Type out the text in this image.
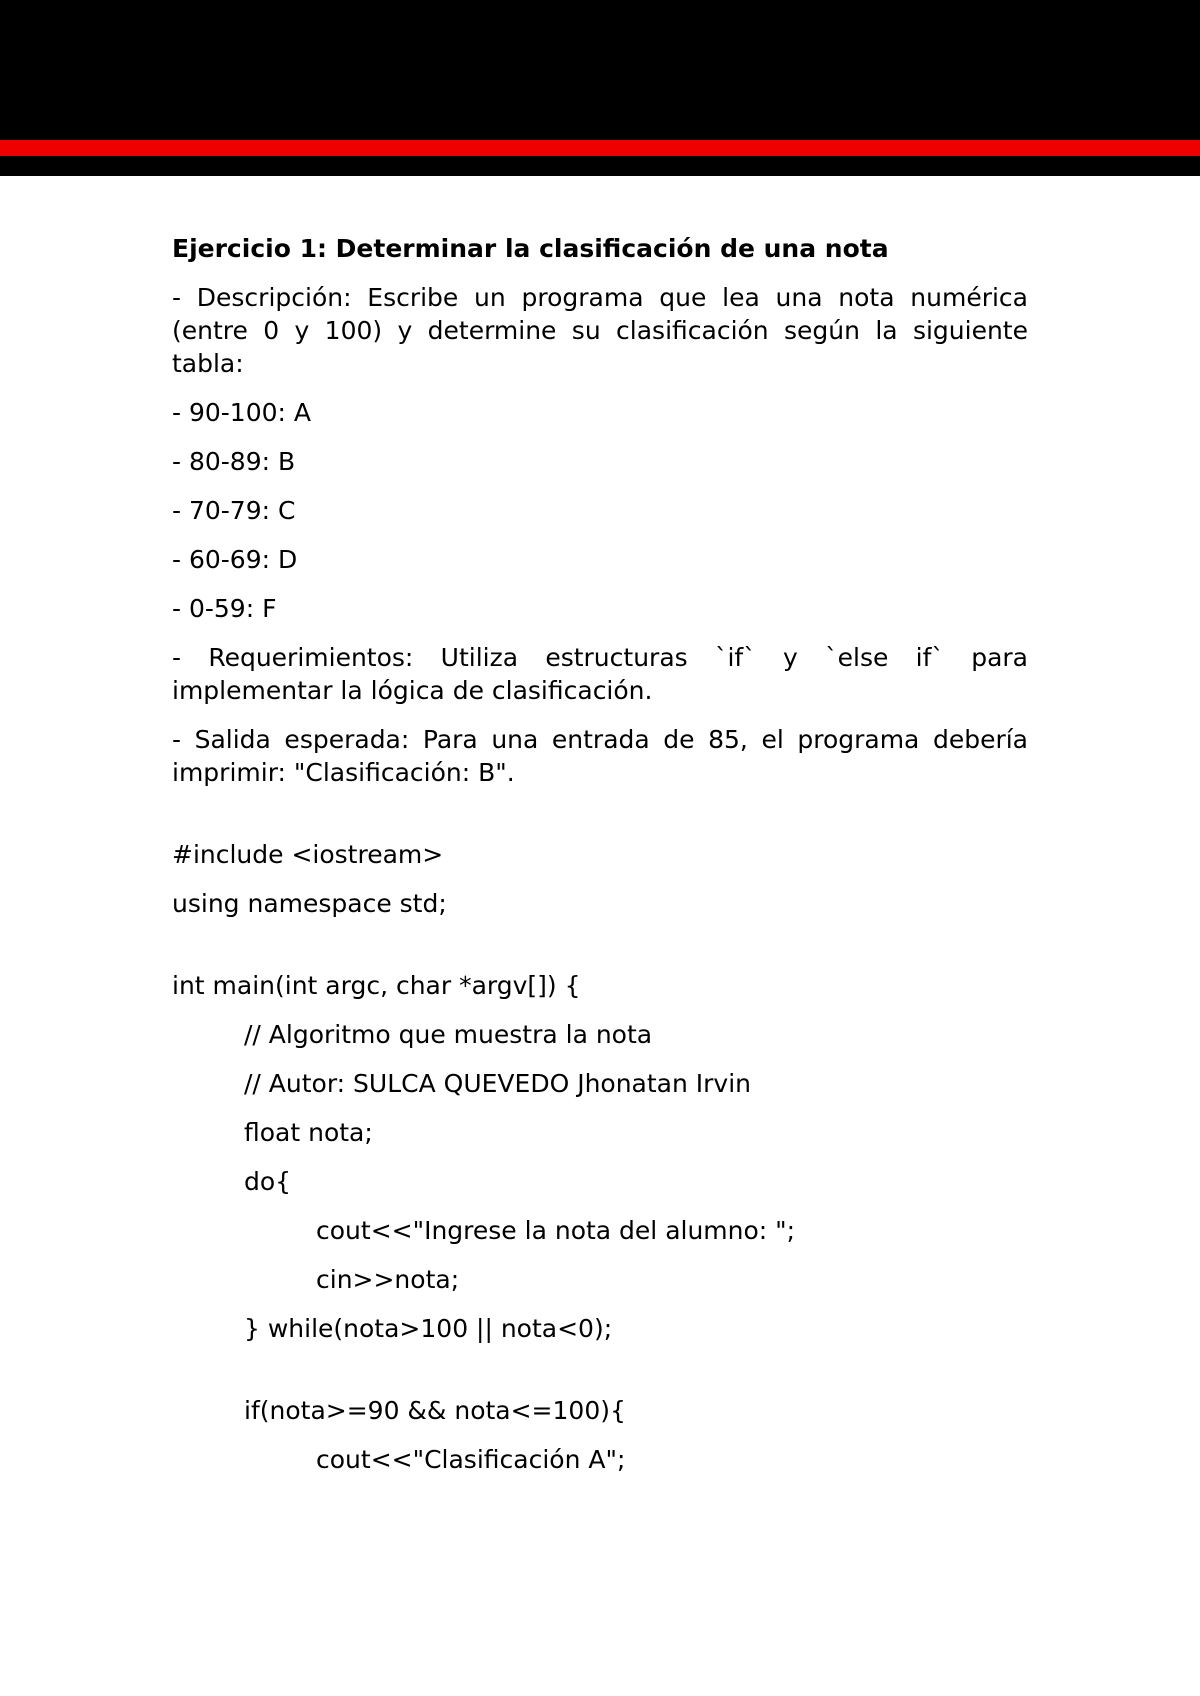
Ejercicio 1: Determinar la clasificación de una nota

- Descripción: Escribe un programa que lea una nota numérica (entre 0 y 100) y determine su clasificación según la siguiente tabla:

- 90-100: A

- 80-89: B

- 70-79: C

- 60-69: D

- 0-59: F

- Requerimientos: Utiliza estructuras `if` y `else if` para implementar la lógica de clasificación.

- Salida esperada: Para una entrada de 85, el programa debería imprimir: "Clasificación: B".

#include <iostream>
using namespace std;
int main(int argc, char *argv[]) {
// Algoritmo que muestra la nota
// Autor: SULCA QUEVEDO Jhonatan Irvin
float nota;
do{
cout<<"Ingrese la nota del alumno: ";
cin>>nota;
} while(nota>100 || nota<0);
if(nota>=90 && nota<=100){
cout<<"Clasificación A";
